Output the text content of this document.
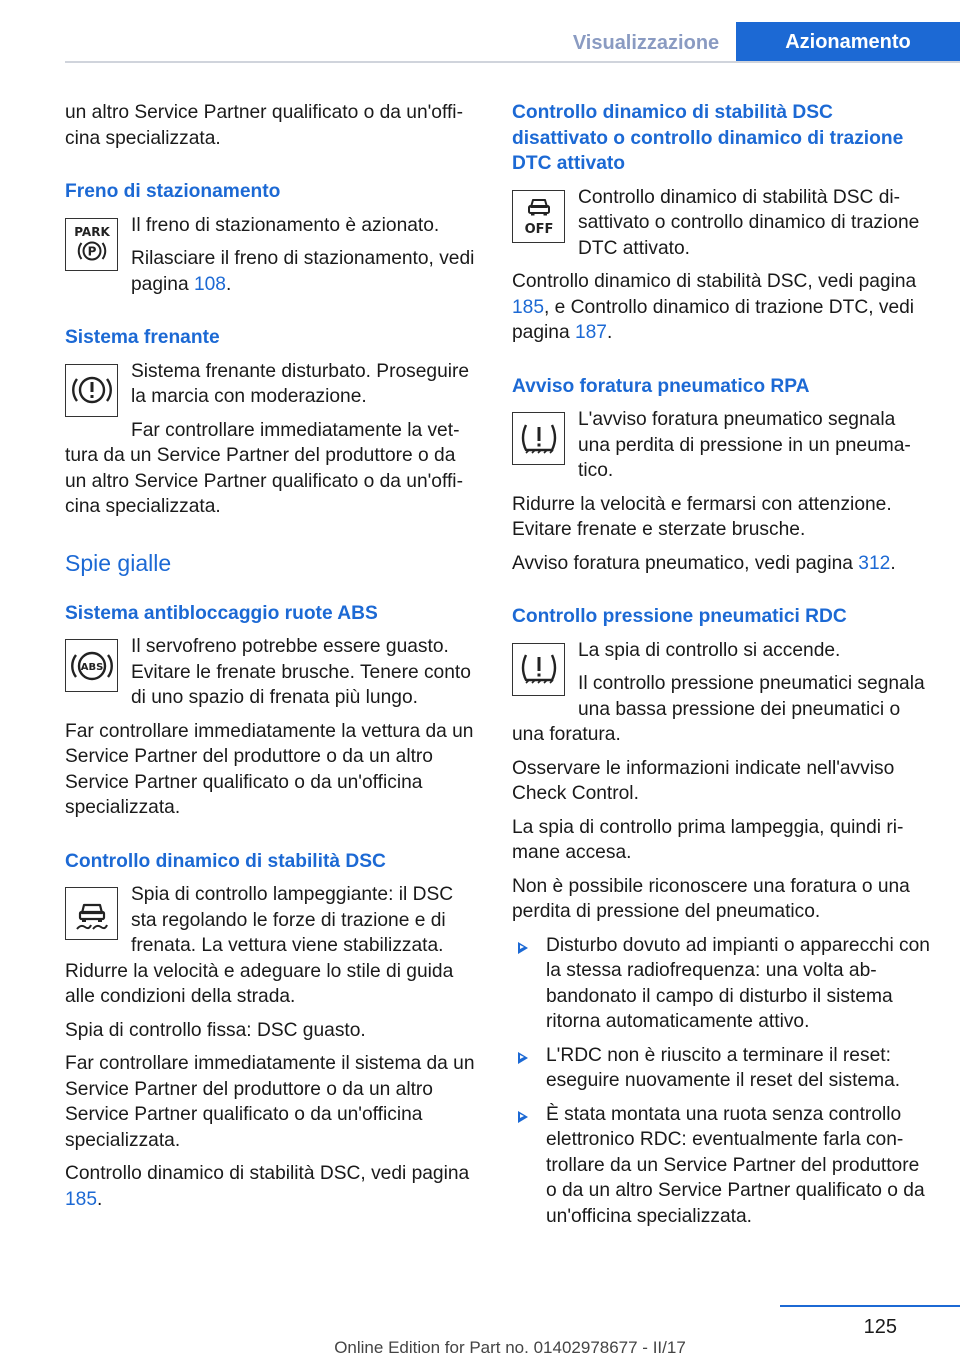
Visualizzazione	Azionamento

un altro Service Partner qualificato o da un'officina specializzata.

Freno di stazionamento
PARK
P

Il freno di stazionamento è azionato.

Rilasciare il freno di stazionamento, vedi pagina 108.

Sistema frenante

Sistema frenante disturbato. Proseguire la marcia con moderazione.

Far controllare immediatamente la vettura da un Service Partner del produttore o da un altro Service Partner qualificato o da un'officina specializzata.

Spie gialle
Sistema antibloccaggio ruote ABS
ABS

Il servofreno potrebbe essere guasto. Evitare le frenate brusche. Tenere conto di uno spazio di frenata più lungo.

Far controllare immediatamente la vettura da un Service Partner del produttore o da un altro Service Partner qualificato o da un'officina specializzata.

Controllo dinamico di stabilità DSC

Spia di controllo lampeggiante: il DSC sta regolando le forze di trazione e di frenata. La vettura viene stabilizzata. Ridurre la velocità e adeguare lo stile di guida alle condizioni della strada.

Spia di controllo fissa: DSC guasto.

Far controllare immediatamente il sistema da un Service Partner del produttore o da un altro Service Partner qualificato o da un'officina specializzata.

Controllo dinamico di stabilità DSC, vedi pagina 185.

Controllo dinamico di stabilità DSC disattivato o controllo dinamico di trazione DTC attivato
OFF

Controllo dinamico di stabilità DSC disattivato o controllo dinamico di trazione DTC attivato.

Controllo dinamico di stabilità DSC, vedi pagina 185, e Controllo dinamico di trazione DTC, vedi pagina 187.

Avviso foratura pneumatico RPA

L'avviso foratura pneumatico segnala una perdita di pressione in un pneumatico.

Ridurre la velocità e fermarsi con attenzione. Evitare frenate e sterzate brusche.

Avviso foratura pneumatico, vedi pagina 312.

Controllo pressione pneumatici RDC

La spia di controllo si accende.

Il controllo pressione pneumatici segnala una bassa pressione dei pneumatici o una foratura.

Osservare le informazioni indicate nell'avviso Check Control.

La spia di controllo prima lampeggia, quindi rimane accesa.

Non è possibile riconoscere una foratura o una perdita di pressione del pneumatico.

Disturbo dovuto ad impianti o apparecchi con la stessa radiofrequenza: una volta abbandonato il campo di disturbo il sistema ritorna automaticamente attivo.
L'RDC non è riuscito a terminare il reset: eseguire nuovamente il reset del sistema.
È stata montata una ruota senza controllo elettronico RDC: eventualmente farla controllare da un Service Partner del produttore o da un altro Service Partner qualificato o da un'officina specializzata.
125
Online Edition for Part no. 01402978677 - II/17
